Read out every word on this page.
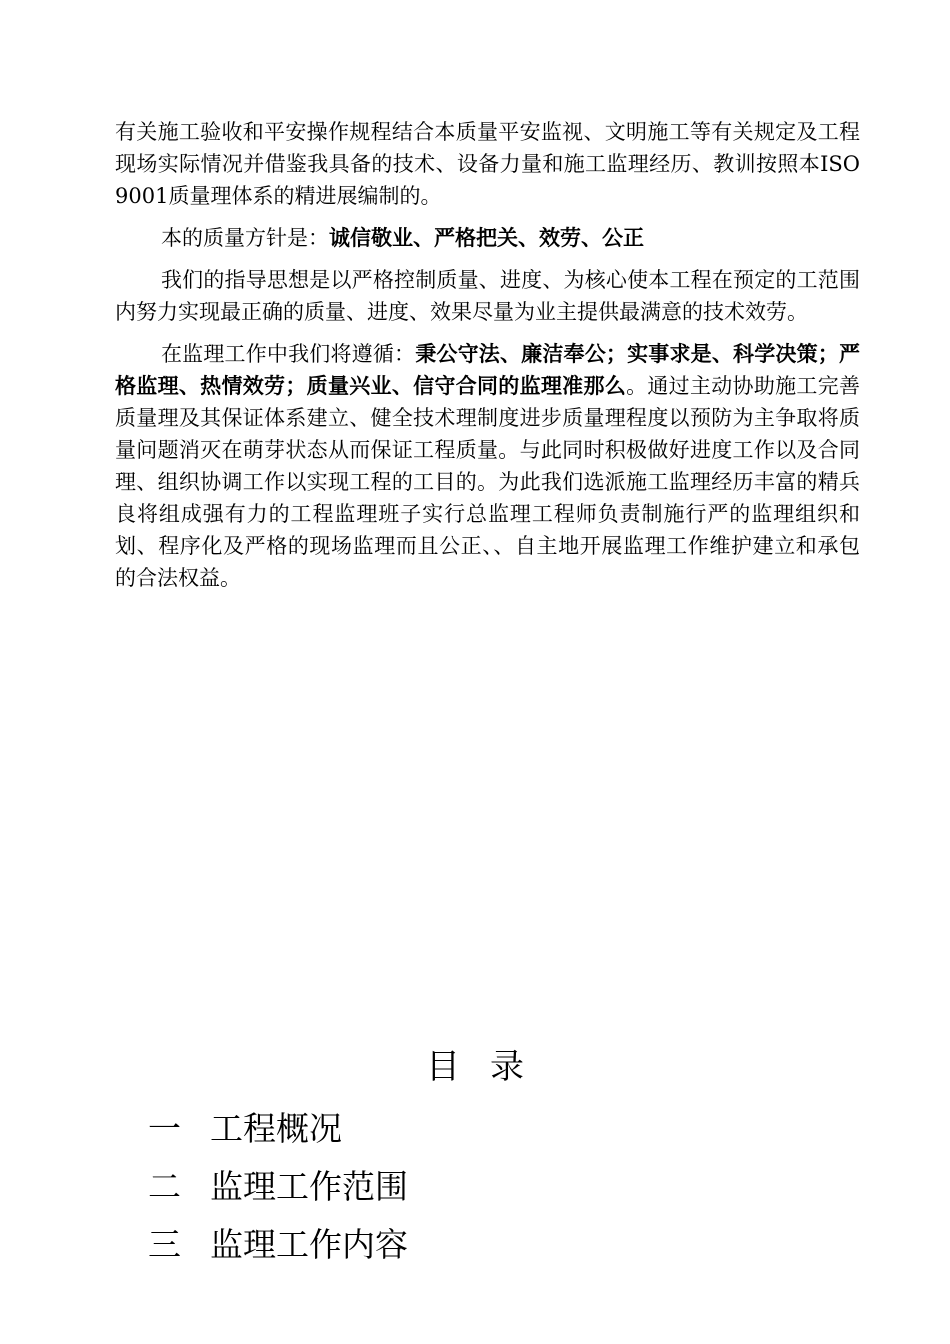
有关施工验收和平安操作规程结合本质量平安监视、文明施工等有关规定及工程现场实际情况并借鉴我具备的技术、设备力量和施工监理经历、教训按照本ISO9001质量理体系的精进展编制的。

本的质量方针是：诚信敬业、严格把关、效劳、公正

我们的指导思想是以严格控制质量、进度、为核心使本工程在预定的工范围内努力实现最正确的质量、进度、效果尽量为业主提供最满意的技术效劳。

在监理工作中我们将遵循：秉公守法、廉洁奉公；实事求是、科学决策；严格监理、热情效劳；质量兴业、信守合同的监理准那么。通过主动协助施工完善质量理及其保证体系建立、健全技术理制度进步质量理程度以预防为主争取将质量问题消灭在萌芽状态从而保证工程质量。与此同时积极做好进度工作以及合同理、组织协调工作以实现工程的工目的。为此我们选派施工监理经历丰富的精兵良将组成强有力的工程监理班子实行总监理工程师负责制施行严的监理组织和划、程序化及严格的现场监理而且公正、、自主地开展监理工作维护建立和承包的合法权益。

目录
一 工程概况
二 监理工作范围
三 监理工作内容
